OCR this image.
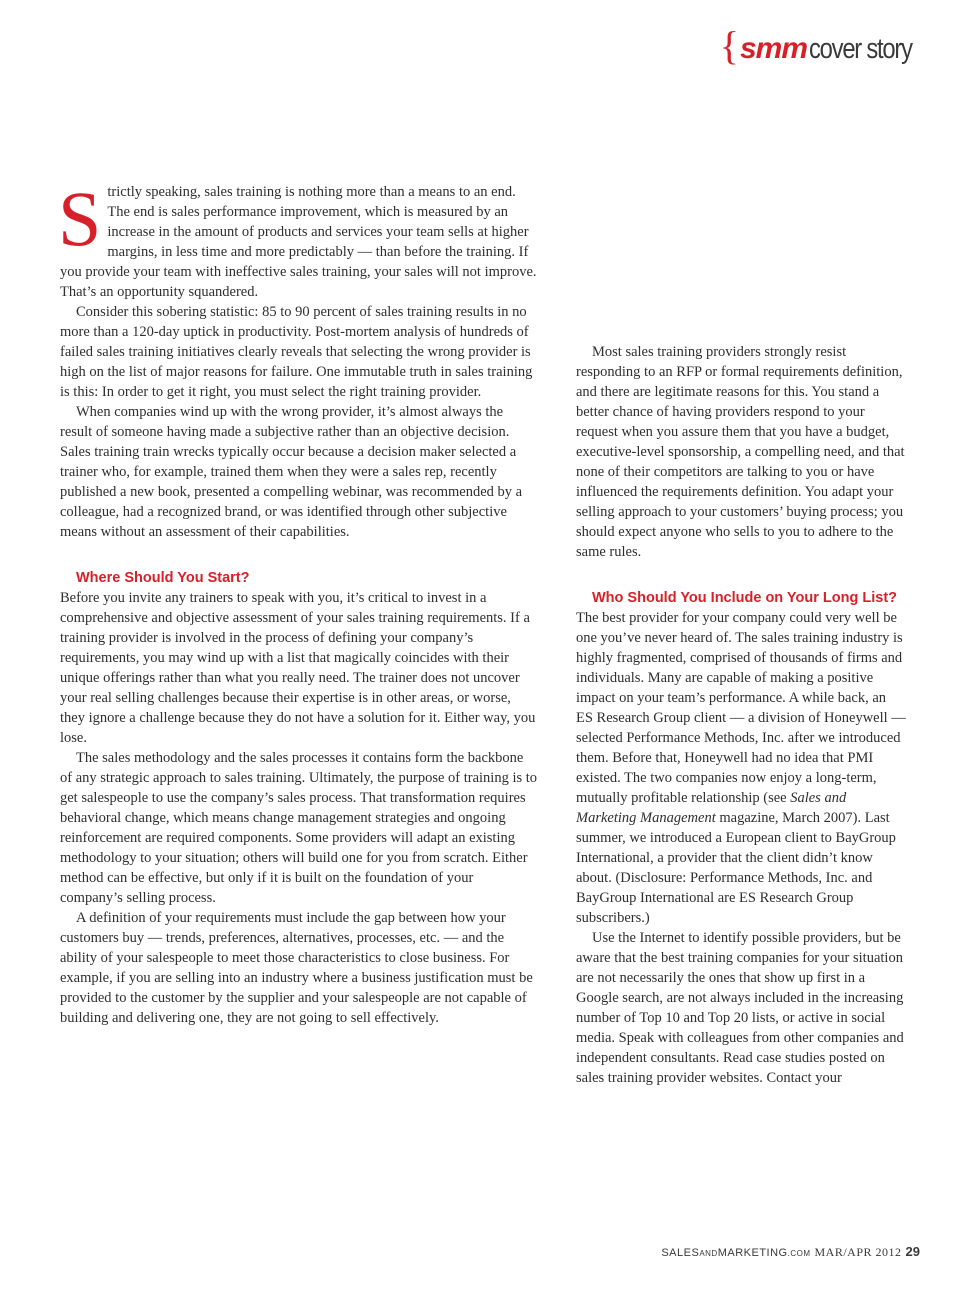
{ smm cover story
S trictly speaking, sales training is nothing more than a means to an end. The end is sales performance improvement, which is measured by an increase in the amount of products and services your team sells at higher margins, in less time and more predictably — than before the training. If you provide your team with ineffective sales training, your sales will not improve. That’s an opportunity squandered.

Consider this sobering statistic: 85 to 90 percent of sales training results in no more than a 120-day uptick in productivity. Post-mortem analysis of hundreds of failed sales training initiatives clearly reveals that selecting the wrong provider is high on the list of major reasons for failure. One immutable truth in sales training is this: In order to get it right, you must select the right training provider.

When companies wind up with the wrong provider, it’s almost always the result of someone having made a subjective rather than an objective decision. Sales training train wrecks typically occur because a decision maker selected a trainer who, for example, trained them when they were a sales rep, recently published a new book, presented a compelling webinar, was recommended by a colleague, had a recognized brand, or was identified through other subjective means without an assessment of their capabilities.

Where Should You Start?

Before you invite any trainers to speak with you, it’s critical to invest in a comprehensive and objective assessment of your sales training requirements. If a training provider is involved in the process of defining your company’s requirements, you may wind up with a list that magically coincides with their unique offerings rather than what you really need. The trainer does not uncover your real selling challenges because their expertise is in other areas, or worse, they ignore a challenge because they do not have a solution for it. Either way, you lose.

The sales methodology and the sales processes it contains form the backbone of any strategic approach to sales training. Ultimately, the purpose of training is to get salespeople to use the company’s sales process. That transformation requires behavioral change, which means change management strategies and ongoing reinforcement are required components. Some providers will adapt an existing methodology to your situation; others will build one for you from scratch. Either method can be effective, but only if it is built on the foundation of your company’s selling process.

A definition of your requirements must include the gap between how your customers buy — trends, preferences, alternatives, processes, etc. — and the ability of your salespeople to meet those characteristics to close business. For example, if you are selling into an industry where a business justification must be provided to the customer by the supplier and your salespeople are not capable of building and delivering one, they are not going to sell effectively.

Most sales training providers strongly resist responding to an RFP or formal requirements definition, and there are legitimate reasons for this. You stand a better chance of having providers respond to your request when you assure them that you have a budget, executive-level sponsorship, a compelling need, and that none of their competitors are talking to you or have influenced the requirements definition. You adapt your selling approach to your customers’ buying process; you should expect anyone who sells to you to adhere to the same rules.

Who Should You Include on Your Long List?

The best provider for your company could very well be one you’ve never heard of. The sales training industry is highly fragmented, comprised of thousands of firms and individuals. Many are capable of making a positive impact on your team’s performance. A while back, an ES Research Group client — a division of Honeywell — selected Performance Methods, Inc. after we introduced them. Before that, Honeywell had no idea that PMI existed. The two companies now enjoy a long-term, mutually profitable relationship (see Sales and Marketing Management magazine, March 2007). Last summer, we introduced a European client to BayGroup International, a provider that the client didn’t know about. (Disclosure: Performance Methods, Inc. and BayGroup International are ES Research Group subscribers.)

Use the Internet to identify possible providers, but be aware that the best training companies for your situation are not necessarily the ones that show up first in a Google search, are not always included in the increasing number of Top 10 and Top 20 lists, or active in social media. Speak with colleagues from other companies and independent consultants. Read case studies posted on sales training provider websites. Contact your

SALESANDMARKETING.COM MAR/APR 2012 29
